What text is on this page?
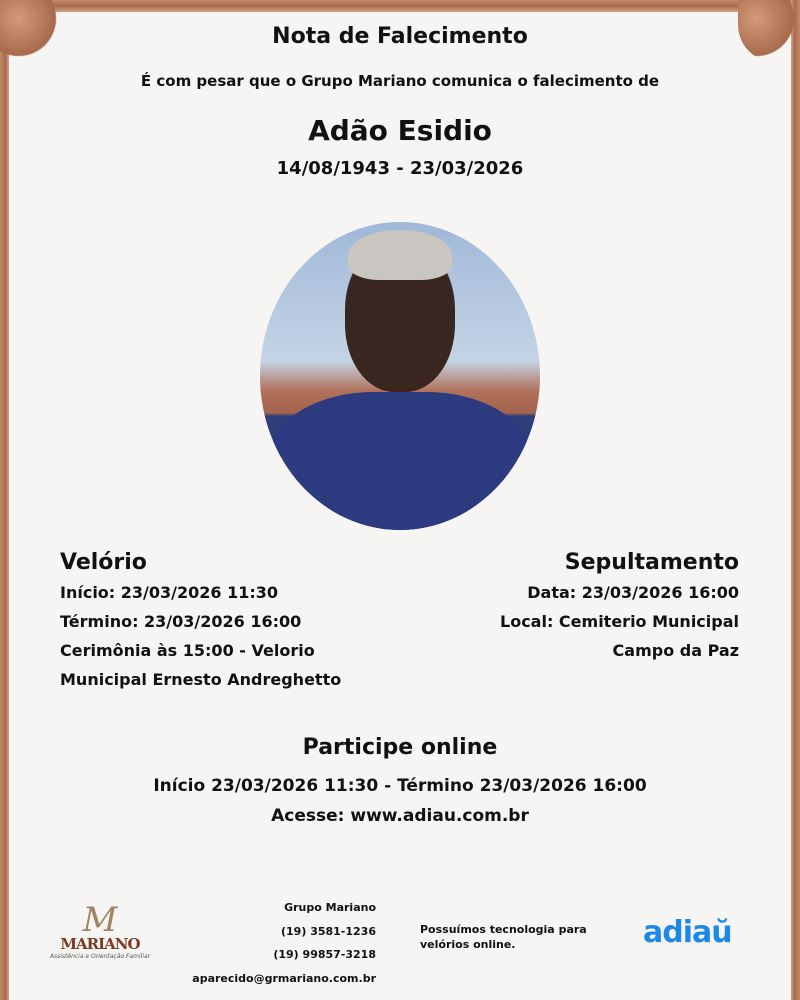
Nota de Falecimento
É com pesar que o Grupo Mariano comunica o falecimento de
Adão Esidio
14/08/1943 - 23/03/2026
Velório
Início: 23/03/2026 11:30
Término: 23/03/2026 16:00
Cerimônia às 15:00 - Velorio
Municipal Ernesto Andreghetto
Sepultamento
Data: 23/03/2026 16:00
Local: Cemiterio Municipal
Campo da Paz
Participe online
Início 23/03/2026 11:30 - Término 23/03/2026 16:00
Acesse: www.adiau.com.br
M
MARIANO
Assistência e Orientação Familiar
Grupo Mariano
(19) 3581-1236
(19) 99857-3218
aparecido@grmariano.com.br
Possuímos tecnologia para velórios online.	adiaŭ
